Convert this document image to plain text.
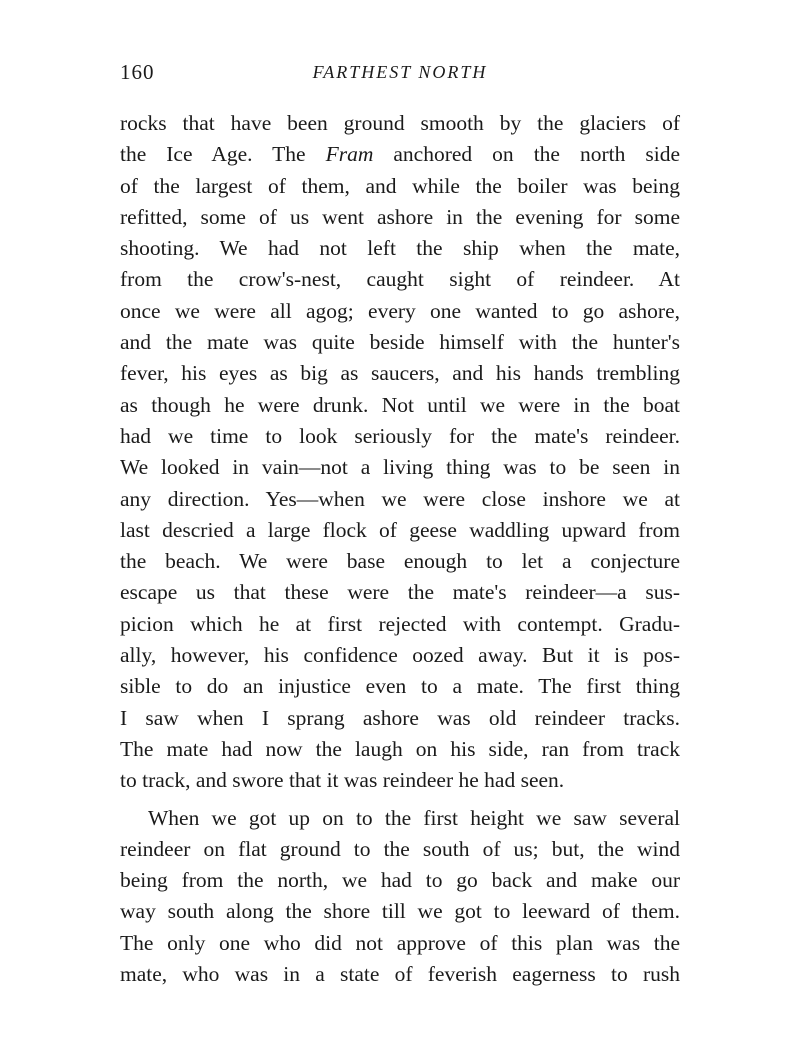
160	FARTHEST NORTH
rocks that have been ground smooth by the glaciers of
the Ice Age. The Fram anchored on the north side
of the largest of them, and while the boiler was being
refitted, some of us went ashore in the evening for some
shooting. We had not left the ship when the mate,
from the crow's-nest, caught sight of reindeer. At
once we were all agog; every one wanted to go ashore,
and the mate was quite beside himself with the hunter's
fever, his eyes as big as saucers, and his hands trembling
as though he were drunk. Not until we were in the boat
had we time to look seriously for the mate's reindeer.
We looked in vain—not a living thing was to be seen in
any direction. Yes—when we were close inshore we at
last descried a large flock of geese waddling upward from
the beach. We were base enough to let a conjecture
escape us that these were the mate's reindeer—a sus-
picion which he at first rejected with contempt. Gradu-
ally, however, his confidence oozed away. But it is pos-
sible to do an injustice even to a mate. The first thing
I saw when I sprang ashore was old reindeer tracks.
The mate had now the laugh on his side, ran from track
to track, and swore that it was reindeer he had seen.
When we got up on to the first height we saw several
reindeer on flat ground to the south of us; but, the wind
being from the north, we had to go back and make our
way south along the shore till we got to leeward of them.
The only one who did not approve of this plan was the
mate, who was in a state of feverish eagerness to rush
